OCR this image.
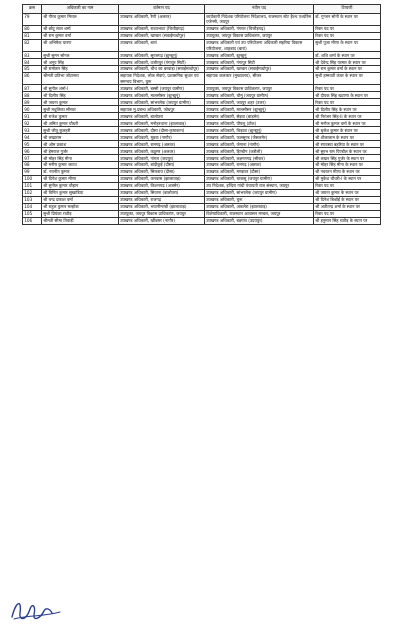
क्रस	अधिकारी का नाम	वर्तमान पद	नवीन पद	टिप्पणी
79	श्री गौरव कुमार मित्तल	उपखण्ड अधिकारी, रैणी (अलवर)	कार्यकारी निदेशक परियोजना निदेशालय, राजस्थान स्टेट हैल्थ एश्योरेंस एजेन्सी, जयपुर	डॉ. गुन्जन सोनी के स्थान पर
80	श्री छोटू लाल शर्मा	उपखण्ड अधिकारी, रावतभाटा (चित्तौड़गढ़)	उपखण्ड अधिकारी, गंगरार (चित्तौड़गढ़)	रिक्त पद पर
81	श्री राम कुमार वर्मा	उपखण्ड अधिकारी, खण्डार (सवाईमाधोपुर)	उपायुक्त, जयपुर विकास प्राधिकरण, जयपुर	रिक्त पद पर
82	श्री अभिषेक चारण	उपखण्ड अधिकारी, बारां	उपखण्ड अधिकारी एवं उप परियोजना अधिकारी सहरिया विकास परियोजना, शाहबाद (बारां)	सुश्री पूजा मीणा के स्थान पर
83	सुश्री सुमन सोनल	उपखण्ड अधिकारी, सूरजगढ़ (झुन्झुनूं)	उपखण्ड अधिकारी, झुन्झुनूं	डॉ. शशि शर्मा के स्थान पर
84	श्री अनूप सिंह	उपखण्ड अधिकारी, वजीरपुर (गंगापुर सिटी)	उपखण्ड अधिकारी, गंगापुर सिटी	श्री देवेन्द्र सिंह परमार के स्थान पर
85	श्री रामोतार सिंह	उपखण्ड अधिकारी, चौथ का बरवाड़ा (सवाईमाधोपुर)	उपखण्ड अधिकारी, खण्डार (सवाईमाधोपुर)	श्री राम कुमार वर्मा के स्थान पर
86	श्रीमती प्रतिभा जोटासरा	सहायक निदेशक, लोक सेवाएं, प्रशासनिक सुधार एवं समन्वय विभाग, चुरू	सहायक कलक्टर (मुख्यालय), सीकर	सुश्री हम्मवती कंवर के स्थान पर
87	श्री सुनील शर्मा-I	उपखण्ड अधिकारी, बस्सी (जयपुर ग्रामीण)	उपायुक्त, जयपुर विकास प्राधिकरण, जयपुर	रिक्त पद पर
88	श्री दिलीप सिंह	उपखण्ड अधिकारी, मालसीसर (झुन्झुनूं)	उपखण्ड अधिकारी, चौमूं (जयपुर ग्रामीण)	श्री दीपक सिंह खटाणा के स्थान पर
89	श्री जयन्त कुमार	उपखण्ड अधिकारी, सांभरलेक (जयपुर ग्रामीण)	उपखण्ड अधिकारी, जयपुर शहर (उत्तर)	रिक्त पद पर
90	सुश्री मधुलिका सीरवर	सहायक मु.प्रबन्ध अधिकारी, जोधपुर	उपखण्ड अधिकारी, मालसीसर (झुन्झुनूं)	श्री दिलीप सिंह के स्थान पर
91	श्री राजेश कुमार	उपखण्ड अधिकारी, बालोतरा	उपखण्ड अधिकारी, सेड़वा (बाड़मेर)	श्री निरंजन सिंह-II के स्थान पर
92	श्री अमित कुमार चौधरी	उपखण्ड अधिकारी, मनोहरथाना (झालावाड़)	उपखण्ड अधिकारी, पीपलू (टोंक)	श्री मनोज कुमार वर्मा के स्थान पर
93	सुश्री जीतू कुलहरी	उपखण्ड अधिकारी, दौसा (दौसा-कृषाकान)	उपखण्ड अधिकारी, चिड़ावा (झुन्झुनूं)	श्री बृजेश कुमार के स्थान पर
94	श्री लखाराम	उपखण्ड अधिकारी, मूडवा (नागौर)	उपखण्ड अधिकारी, फलसूण्ड (जैसलमेर)	श्री शीलालाम के स्थान पर
95	श्री ओम प्रकाश	उपखण्ड अधिकारी, रामगढ़ (अलवर)	उपखण्ड अधिकारी, जेगाना (नागौर)	श्री रणवस्वा बहरिया के स्थान पर
96	श्री हेमराज गुर्जर	उपखण्ड अधिकारी, कठूमर (अलवर)	उपखण्ड अधिकारी, हिण्डौन (करौली)	श्री सुरभ राम पिण्डौल के स्थान पर
97	श्री मोहर सिंह मीना	उपखण्ड अधिकारी, नांगल (जयपुर)	उपखण्ड अधिकारी, लक्ष्मणगढ़ (सीकर)	श्री लखन सिंह गुर्जर के स्थान पर
98	श्री मनीष कुमार जाटव	उपखण्ड अधिकारी, बांदीकुई (दौसा)	उपखण्ड अधिकारी, रामगढ़ (अलवर)	श्री मोहर सिंह मीना के स्थान पर
99	डॉ. नवनीत कुमार	उपखण्ड अधिकारी, सिकराय (दौसा)	उपखण्ड अधिकारी, मण्डावर (दौसा)	श्री नवरतन मीणा के स्थान पर
100	श्री दिनेश कुमार मीणा	उपखण्ड अधिकारी, कनवास (झालावाड़)	उपखण्ड अधिकारी, चाकसू (जयपुर ग्रामीण)	श्री मुकेश चौधरी-I के स्थान पर
101	श्री सुनील कुमार चौहान	उपखण्ड अधिकारी, किशनगढ़ (अजमेर)	उप निदेशक, इन्दिरा गांधी पंचायती राज संस्थान, जयपुर	रिक्त पद पर
102	श्री विनित कुमार सुखाडिया	उपखण्ड अधिकारी, सिवाना (बालोतरा)	उपखण्ड अधिकारी, सांभरलेक (जयपुर ग्रामीण)	श्री जयन्त कुमार के स्थान पर
103	श्री चन्द्र प्रकाश वर्मा	उपखण्ड अधिकारी, राजगढ़	उपखण्ड अधिकारी, चुरू	श्री दिनेश बिश्नोई के स्थान पर
104	श्री राहुल कुमार मल्होत्रा	उपखण्ड अधिकारी, भवानीमण्डी (झालावाड़)	उपखण्ड अधिकारी, अकलेरा (झालावाड़)	श्री अतीतन्द्र शर्मा के स्थान पर
105	सुश्री प्रियंका राठौड़	उपायुक्त, जयपुर विकास प्राधिकरण, जयपुर	विशेषाधिकारी, राजस्थान आवासन मण्डल, जयपुर	रिक्त पद पर
106	श्रीमती सीमा तिवाड़ी	उपखण्ड अधिकारी, खींवसर (नागौर)	उपखण्ड अधिकारी, बड़गांव (उदयपुर)	श्री हनुमान सिंह राठौड़ के स्थान पर
